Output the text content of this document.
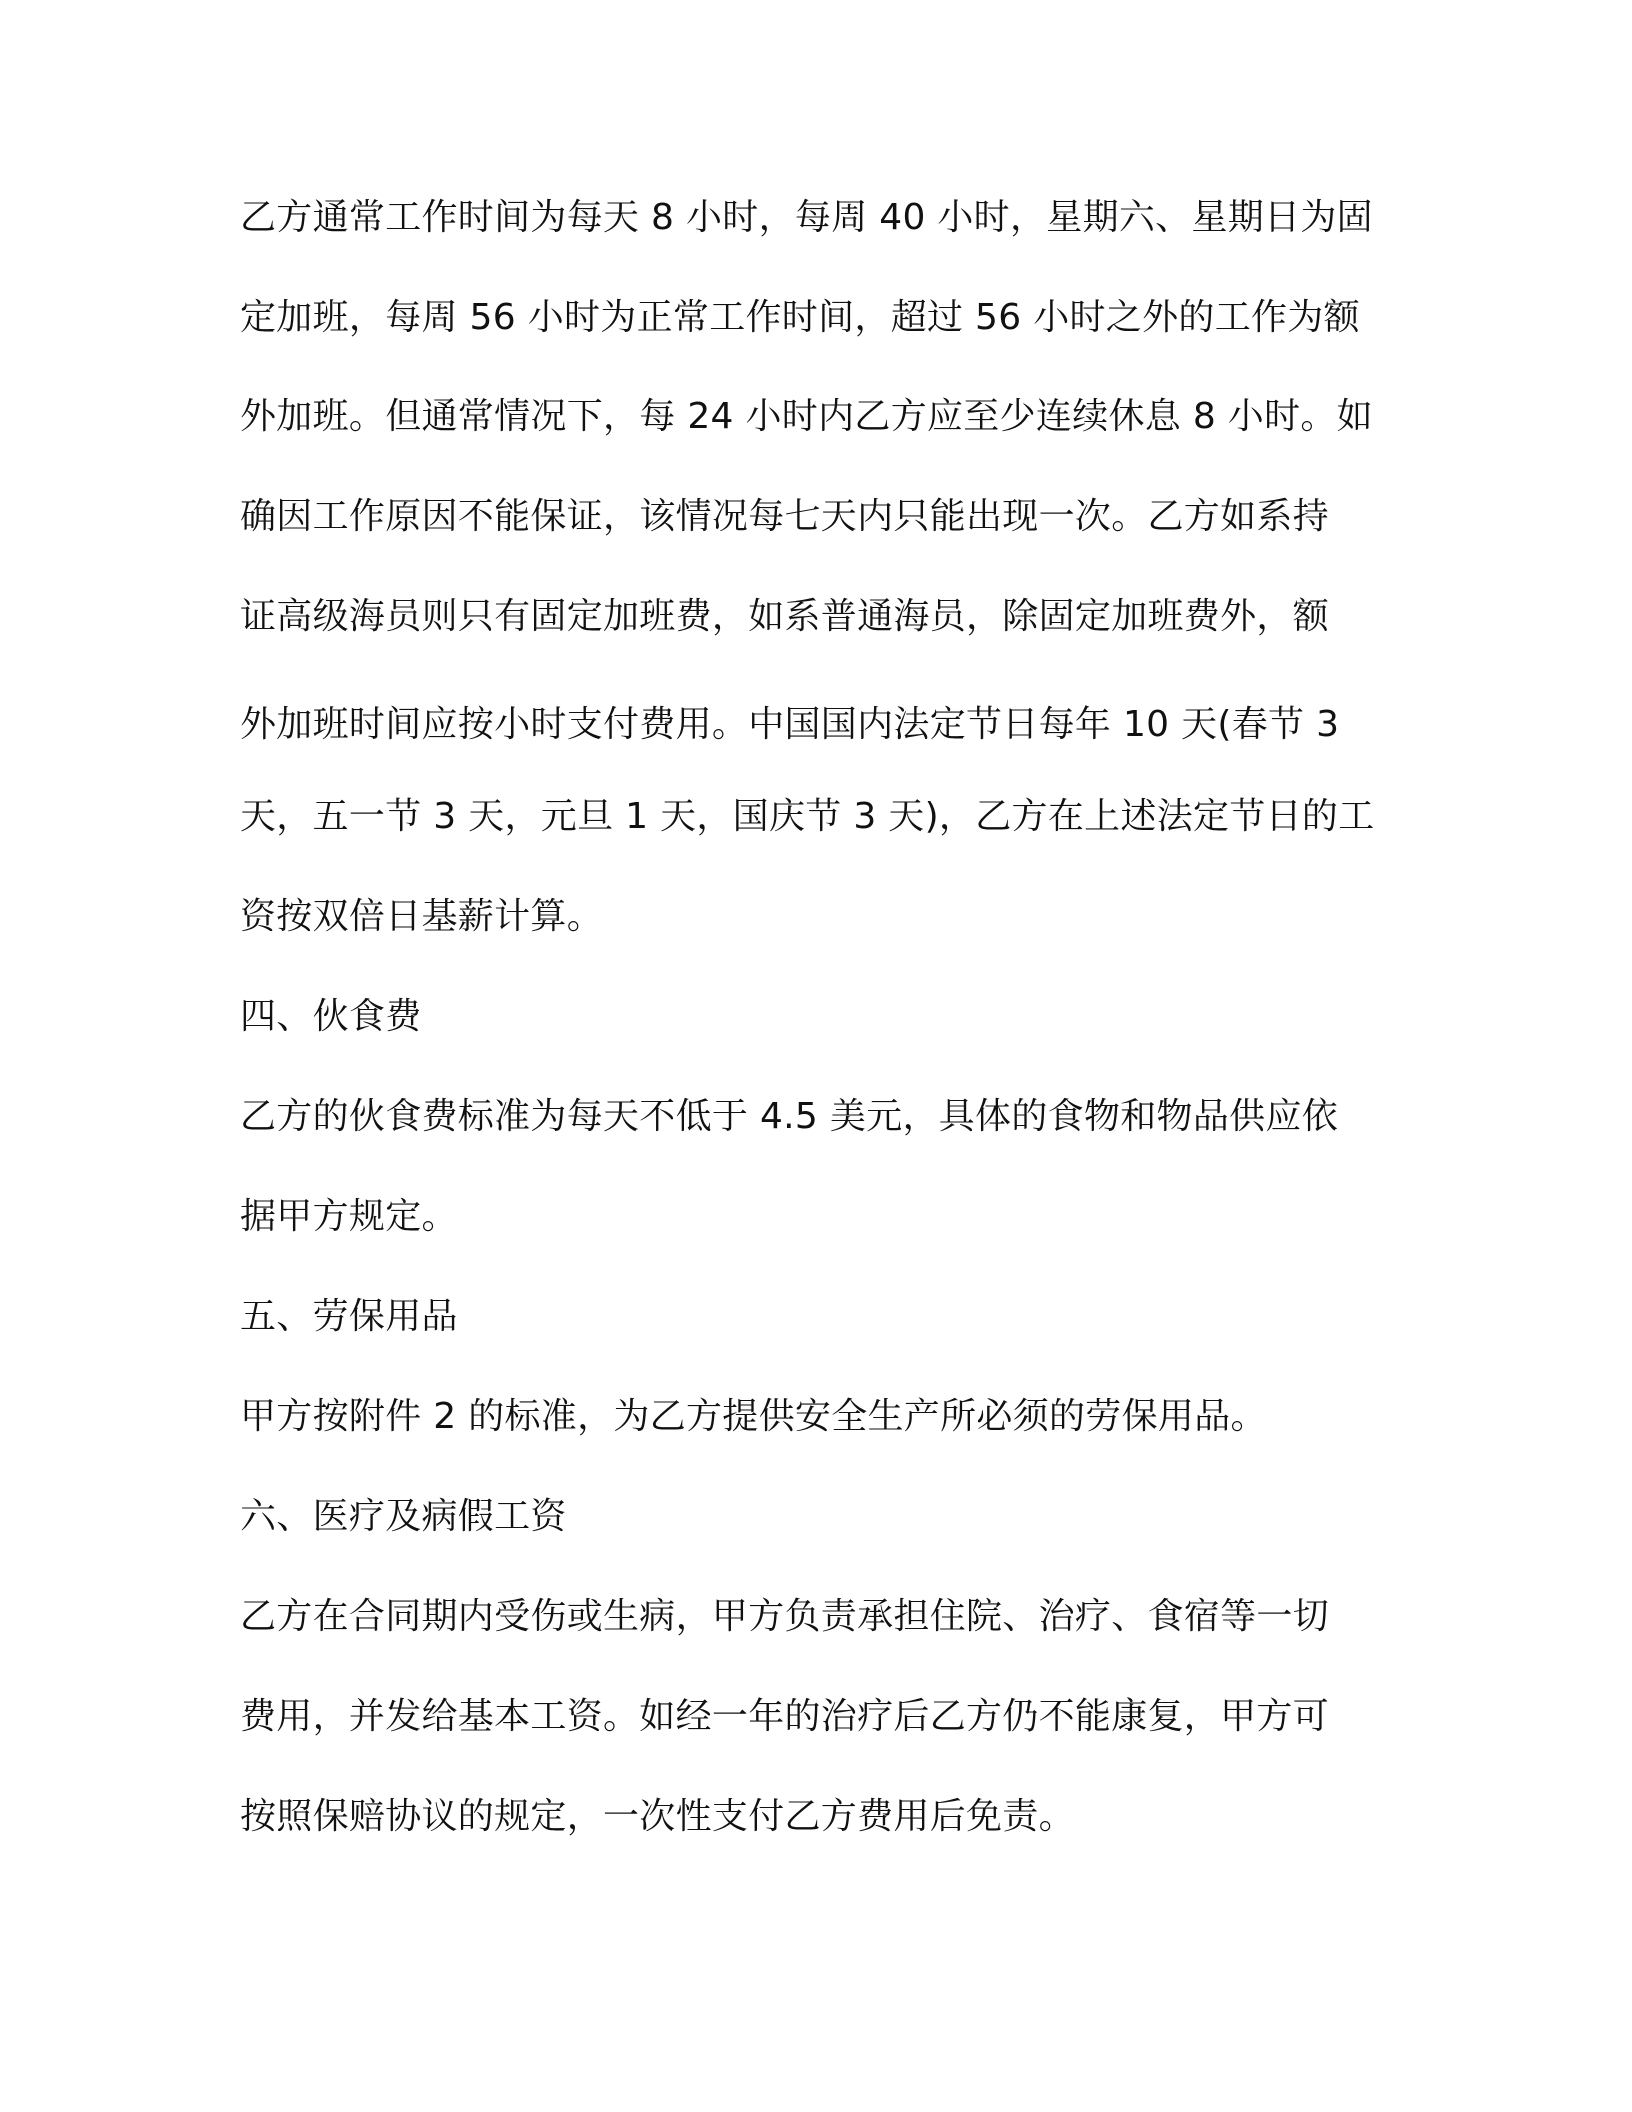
乙方通常工作时间为每天 8 小时，每周 40 小时，星期六、星期日为固
定加班，每周 56 小时为正常工作时间，超过 56 小时之外的工作为额
外加班。但通常情况下，每 24 小时内乙方应至少连续休息 8 小时。如
确因工作原因不能保证，该情况每七天内只能出现一次。乙方如系持
证高级海员则只有固定加班费，如系普通海员，除固定加班费外，额
外加班时间应按小时支付费用。中国国内法定节日每年 10 天(春节 3
天，五一节 3 天，元旦 1 天，国庆节 3 天)，乙方在上述法定节日的工
资按双倍日基薪计算。
四、伙食费
乙方的伙食费标准为每天不低于 4.5 美元，具体的食物和物品供应依
据甲方规定。
五、劳保用品
甲方按附件 2 的标准，为乙方提供安全生产所必须的劳保用品。
六、医疗及病假工资
乙方在合同期内受伤或生病，甲方负责承担住院、治疗、食宿等一切
费用，并发给基本工资。如经一年的治疗后乙方仍不能康复，甲方可
按照保赔协议的规定，一次性支付乙方费用后免责。
